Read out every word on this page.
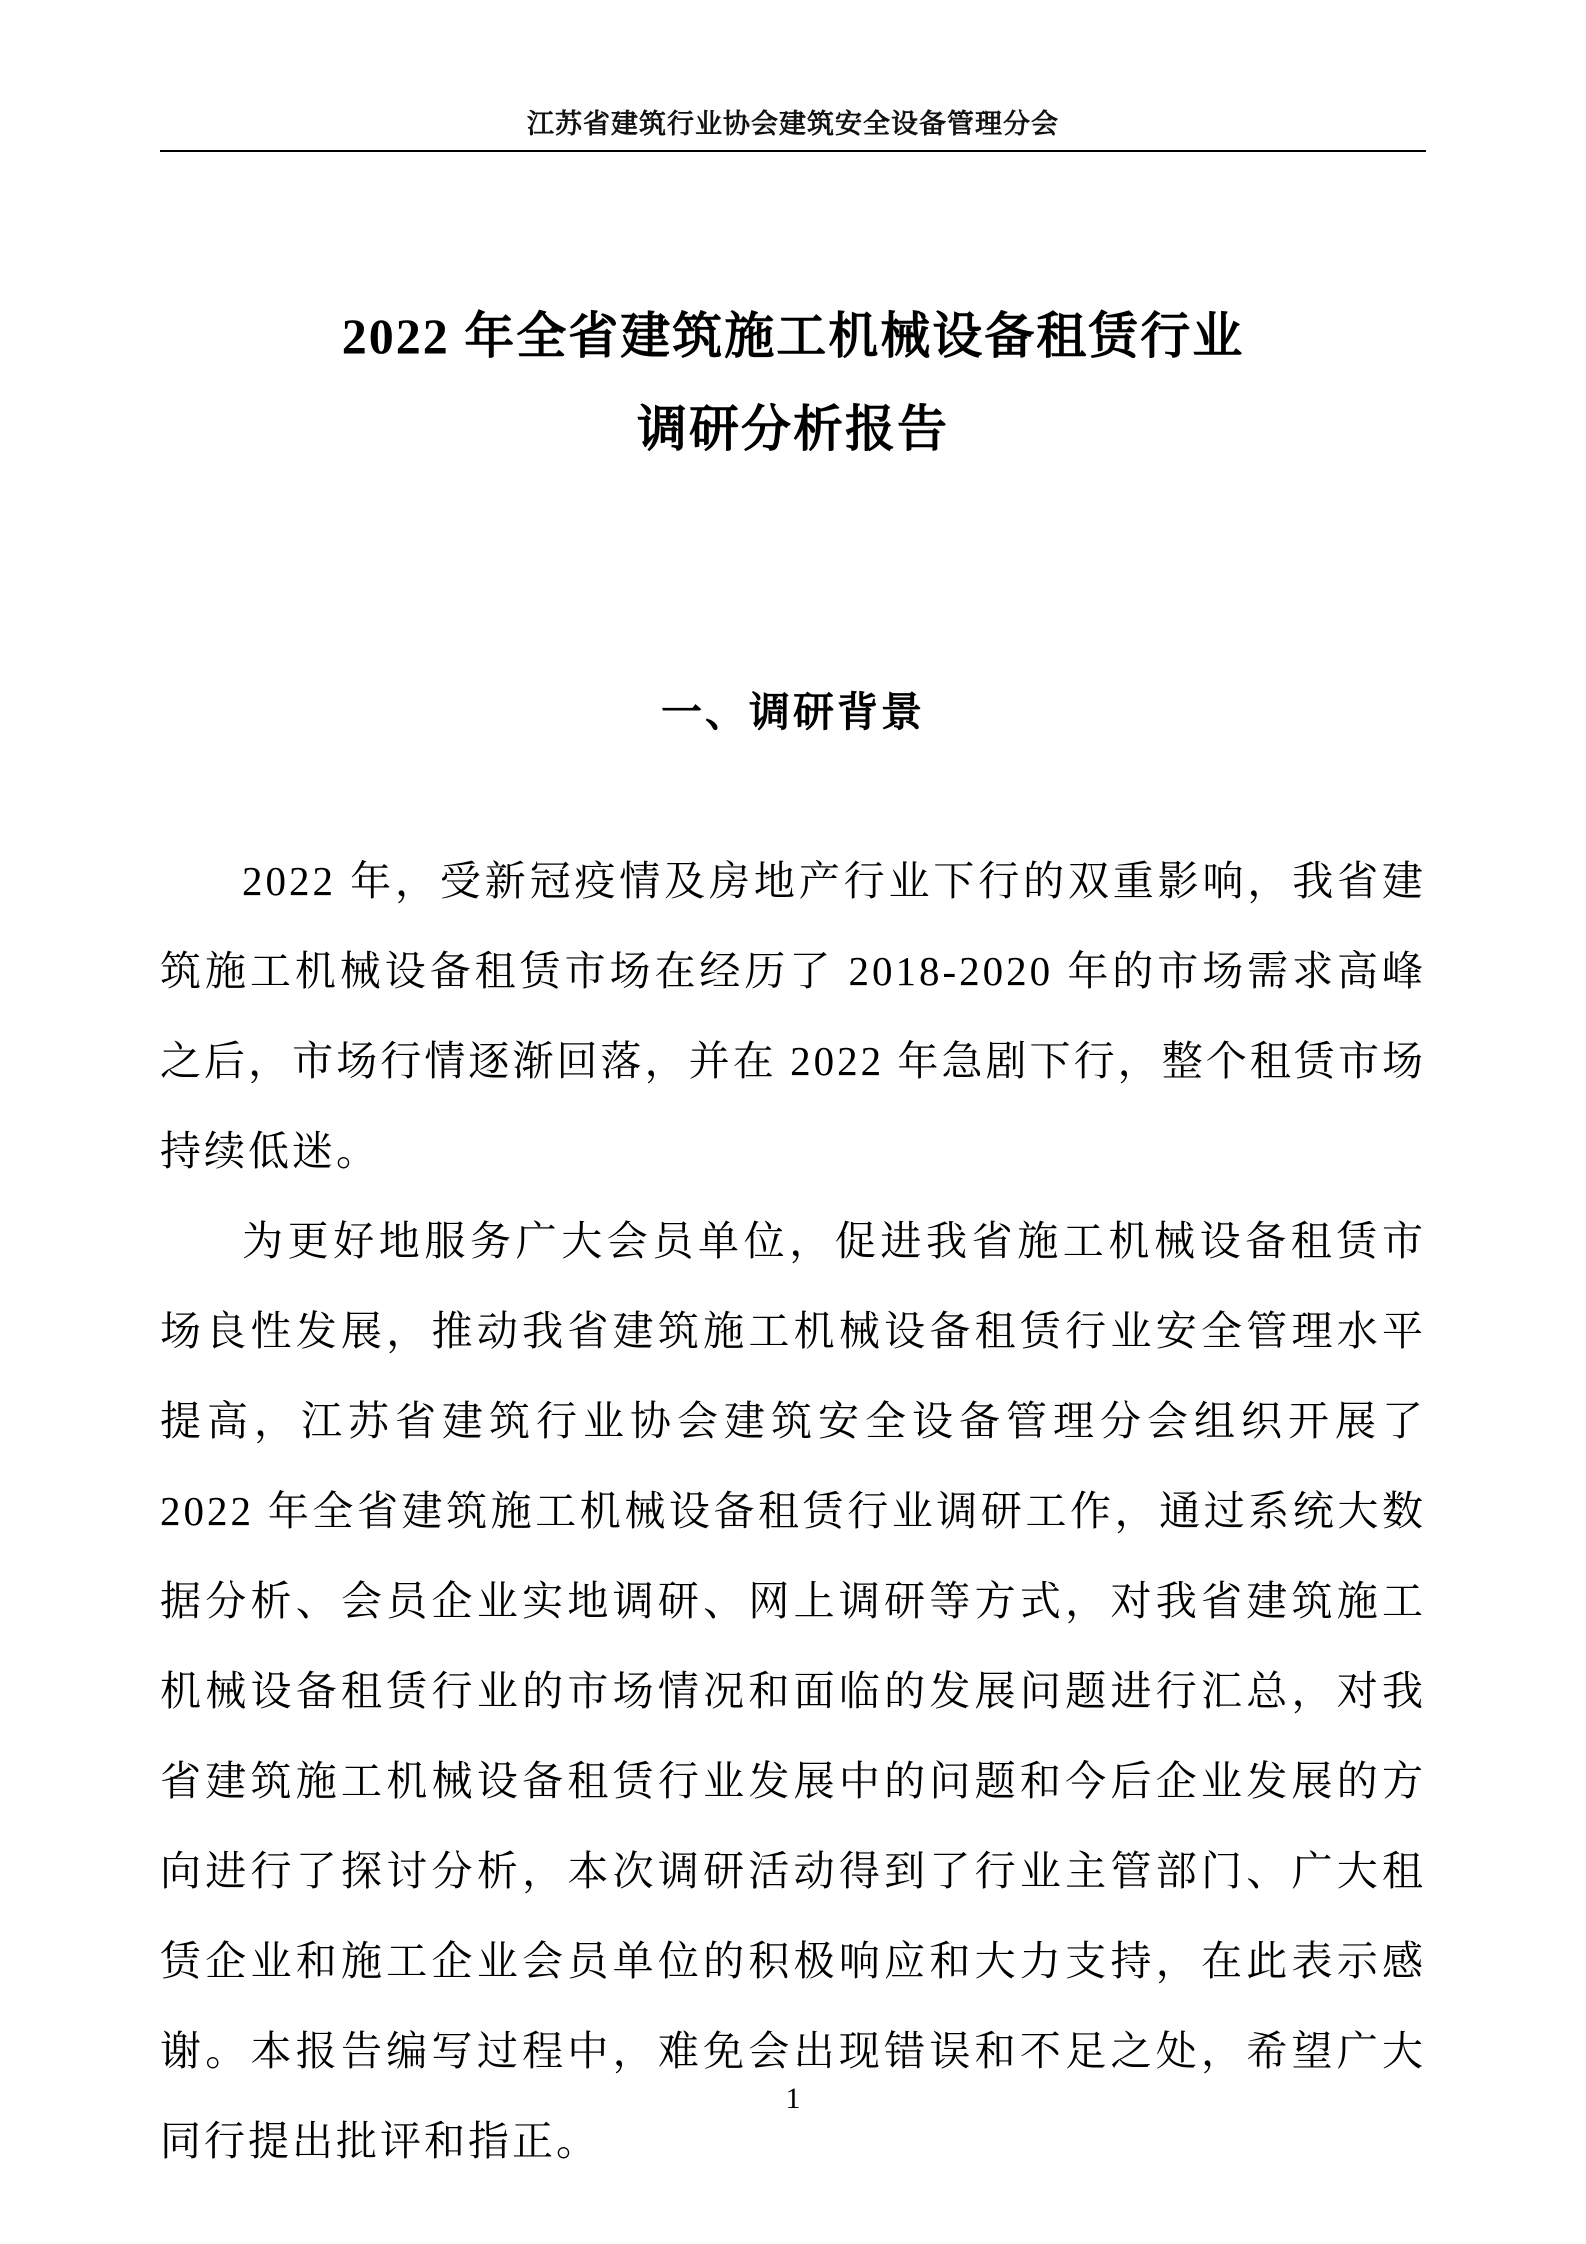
江苏省建筑行业协会建筑安全设备管理分会
2022 年全省建筑施工机械设备租赁行业
调研分析报告
一、调研背景

2022 年，受新冠疫情及房地产行业下行的双重影响，我省建筑施工机械设备租赁市场在经历了 2018-2020 年的市场需求高峰之后，市场行情逐渐回落，并在 2022 年急剧下行，整个租赁市场持续低迷。

为更好地服务广大会员单位，促进我省施工机械设备租赁市场良性发展，推动我省建筑施工机械设备租赁行业安全管理水平提高，江苏省建筑行业协会建筑安全设备管理分会组织开展了 2022 年全省建筑施工机械设备租赁行业调研工作，通过系统大数据分析、会员企业实地调研、网上调研等方式，对我省建筑施工机械设备租赁行业的市场情况和面临的发展问题进行汇总，对我省建筑施工机械设备租赁行业发展中的问题和今后企业发展的方向进行了探讨分析，本次调研活动得到了行业主管部门、广大租赁企业和施工企业会员单位的积极响应和大力支持，在此表示感谢。本报告编写过程中，难免会出现错误和不足之处，希望广大同行提出批评和指正。

1
